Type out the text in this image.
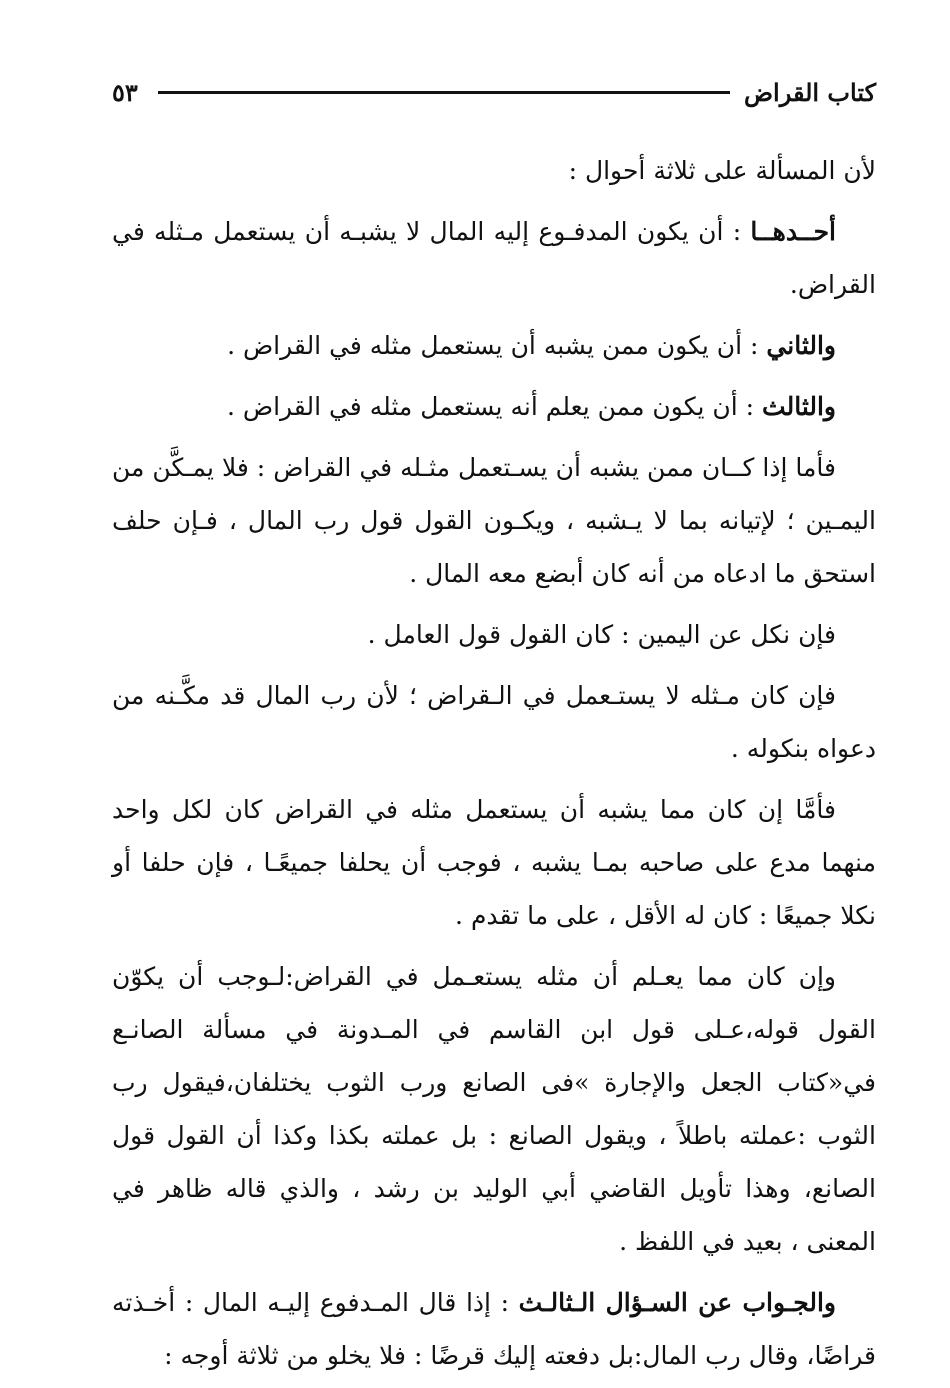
كتاب القراض
٥٣

لأن المسألة على ثلاثة أحوال :

أحــدهــا : أن يكون المدفـوع إليه المال لا يشبـه أن يستعمل مـثله في القراض.

والثاني : أن يكون ممن يشبه أن يستعمل مثله في القراض .

والثالث : أن يكون ممن يعلم أنه يستعمل مثله في القراض .

فأما إذا كــان ممن يشبه أن يسـتعمل مثـله في القراض : فلا يمـكَّن من اليمـين ؛ لإتيانه بما لا يـشبه ، ويكـون القول قول رب المال ، فـإن حلف استحق ما ادعاه من أنه كان أبضع معه المال .

فإن نكل عن اليمين : كان القول قول العامل .

فإن كان مـثله لا يستـعمل في الـقراض ؛ لأن رب المال قد مكَّـنه من دعواه بنكوله .

فأمَّا إن كان مما يشبه أن يستعمل مثله في القراض كان لكل واحد منهما مدع على صاحبه بمـا يشبه ، فوجب أن يحلفا جميعًـا ، فإن حلفا أو نكلا جميعًا : كان له الأقل ، على ما تقدم .

وإن كان مما يعـلم أن مثله يستعـمل في القراض:لـوجب أن يكوّن القول قوله،عـلى قول ابن القاسم في المـدونة في مسألة الصانـع في«كتاب الجعل والإجارة »فى الصانع ورب الثوب يختلفان،فيقول رب الثوب :عملته باطلاً ، ويقول الصانع : بل عملته بكذا وكذا أن القول قول الصانع، وهذا تأويل القاضي أبي الوليد بن رشد ، والذي قاله ظاهر في المعنى ، بعيد في اللفظ .

والجـواب عن السـؤال الـثالـث : إذا قال المـدفوع إليـه المال : أخـذته قراضًا، وقال رب المال:بل دفعته إليك قرضًا : فلا يخلو من ثلاثة أوجه :
